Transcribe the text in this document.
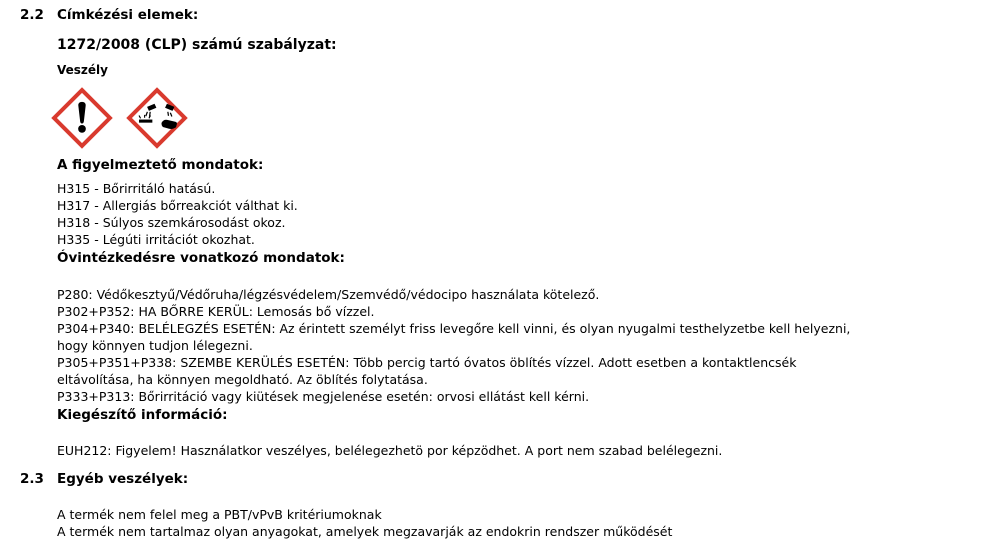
2.2 Címkézési elemek:
1272/2008 (CLP) számú szabályzat:
Veszély
A figyelmeztető mondatok:
H315 - Bőrirritáló hatású.
H317 - Allergiás bőrreakciót válthat ki.
H318 - Súlyos szemkárosodást okoz.
H335 - Légúti irritációt okozhat.
Óvintézkedésre vonatkozó mondatok:
P280: Védőkesztyű/Védőruha/légzésvédelem/Szemvédő/védocipo használata kötelező.
P302+P352: HA BŐRRE KERÜL: Lemosás bő vízzel.
P304+P340: BELÉLEGZÉS ESETÉN: Az érintett személyt friss levegőre kell vinni, és olyan nyugalmi testhelyzetbe kell helyezni,
hogy könnyen tudjon lélegezni.
P305+P351+P338: SZEMBE KERÜLÉS ESETÉN: Több percig tartó óvatos öblítés vízzel. Adott esetben a kontaktlencsék
eltávolítása, ha könnyen megoldható. Az öblítés folytatása.
P333+P313: Bőrirritáció vagy kiütések megjelenése esetén: orvosi ellátást kell kérni.
Kiegészítő információ:
EUH212: Figyelem! Használatkor veszélyes, belélegezhetö por képzödhet. A port nem szabad belélegezni.
2.3 Egyéb veszélyek:
A termék nem felel meg a PBT/vPvB kritériumoknak
A termék nem tartalmaz olyan anyagokat, amelyek megzavarják az endokrin rendszer működését
